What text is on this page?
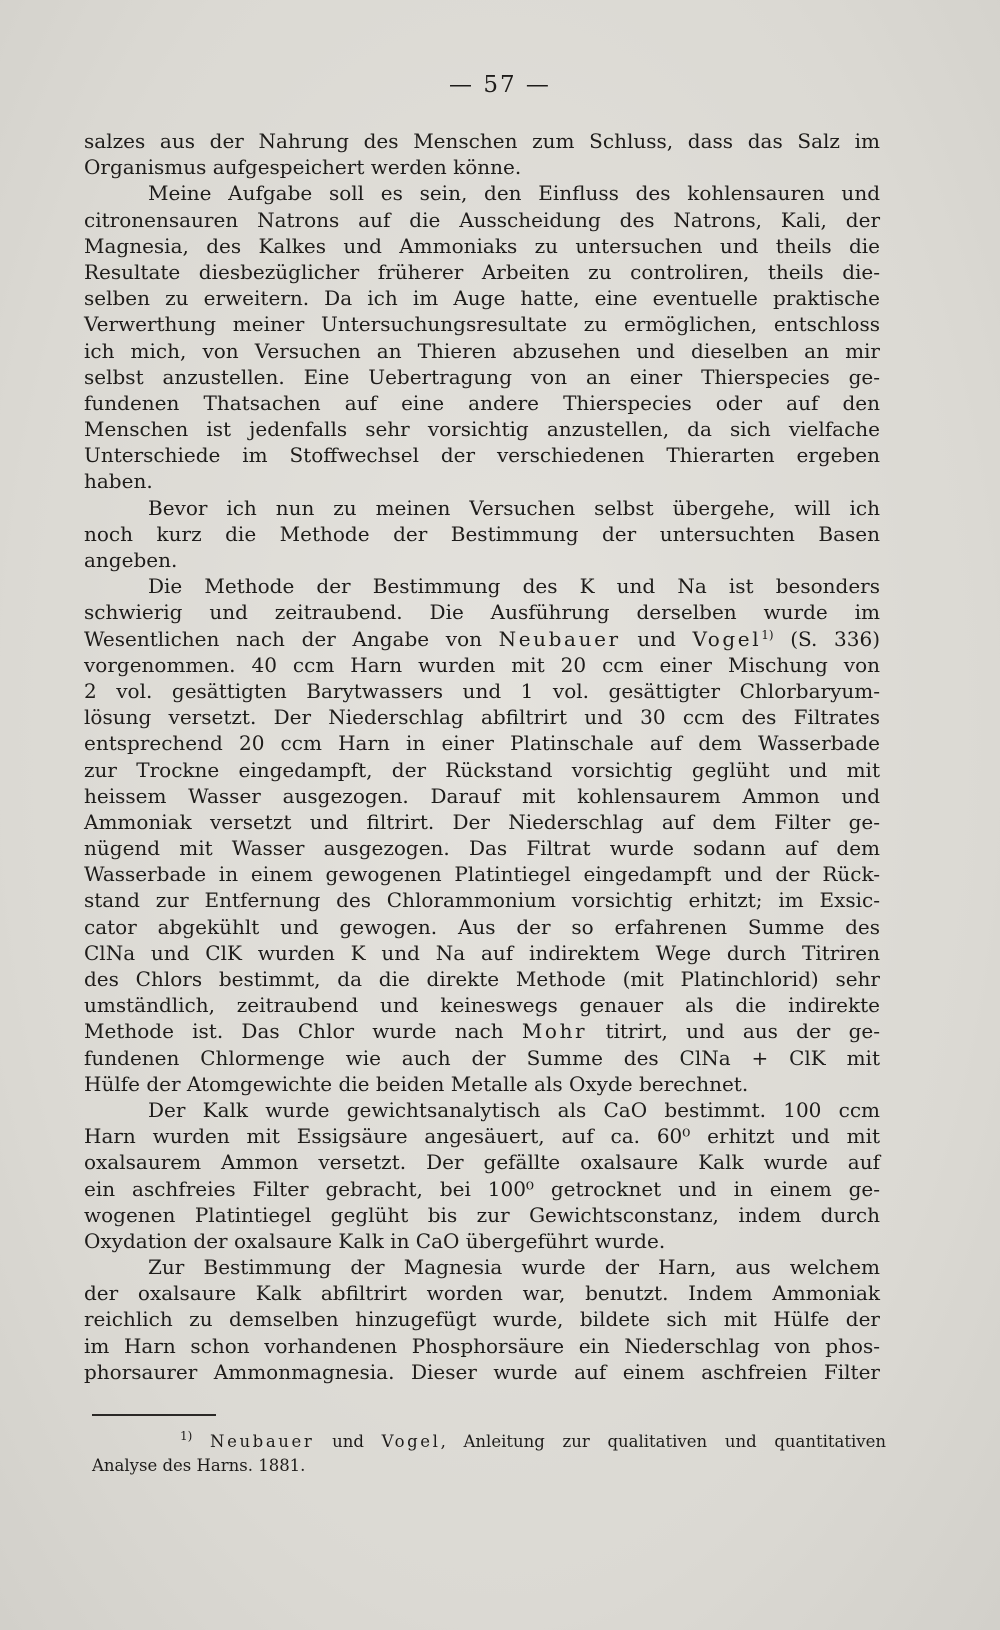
— 57 —
salzes aus der Nahrung des Menschen zum Schluss, dass das Salz im
Organismus aufgespeichert werden könne.
Meine Aufgabe soll es sein, den Einfluss des kohlensauren und
citronensauren Natrons auf die Ausscheidung des Natrons, Kali, der
Magnesia, des Kalkes und Ammoniaks zu untersuchen und theils die
Resultate diesbezüglicher früherer Arbeiten zu controliren, theils die-
selben zu erweitern. Da ich im Auge hatte, eine eventuelle praktische
Verwerthung meiner Untersuchungsresultate zu ermöglichen, entschloss
ich mich, von Versuchen an Thieren abzusehen und dieselben an mir
selbst anzustellen. Eine Uebertragung von an einer Thierspecies ge-
fundenen Thatsachen auf eine andere Thierspecies oder auf den
Menschen ist jedenfalls sehr vorsichtig anzustellen, da sich vielfache
Unterschiede im Stoffwechsel der verschiedenen Thierarten ergeben
haben.
Bevor ich nun zu meinen Versuchen selbst übergehe, will ich
noch kurz die Methode der Bestimmung der untersuchten Basen
angeben.
Die Methode der Bestimmung des K und Na ist besonders
schwierig und zeitraubend. Die Ausführung derselben wurde im
Wesentlichen nach der Angabe von Neubauer und Vogel$^{1)}$ (S. 336)
vorgenommen. 40 ccm Harn wurden mit 20 ccm einer Mischung von
2 vol. gesättigten Barytwassers und 1 vol. gesättigter Chlorbaryum-
lösung versetzt. Der Niederschlag abfiltrirt und 30 ccm des Filtrates
entsprechend 20 ccm Harn in einer Platinschale auf dem Wasserbade
zur Trockne eingedampft, der Rückstand vorsichtig geglüht und mit
heissem Wasser ausgezogen. Darauf mit kohlensaurem Ammon und
Ammoniak versetzt und filtrirt. Der Niederschlag auf dem Filter ge-
nügend mit Wasser ausgezogen. Das Filtrat wurde sodann auf dem
Wasserbade in einem gewogenen Platintiegel eingedampft und der Rück-
stand zur Entfernung des Chlorammonium vorsichtig erhitzt; im Exsic-
cator abgekühlt und gewogen. Aus der so erfahrenen Summe des
ClNa und ClK wurden K und Na auf indirektem Wege durch Titriren
des Chlors bestimmt, da die direkte Methode (mit Platinchlorid) sehr
umständlich, zeitraubend und keineswegs genauer als die indirekte
Methode ist. Das Chlor wurde nach Mohr titrirt, und aus der ge-
fundenen Chlormenge wie auch der Summe des ClNa + ClK mit
Hülfe der Atomgewichte die beiden Metalle als Oxyde berechnet.
Der Kalk wurde gewichtsanalytisch als CaO bestimmt. 100 ccm
Harn wurden mit Essigsäure angesäuert, auf ca. 60⁰ erhitzt und mit
oxalsaurem Ammon versetzt. Der gefällte oxalsaure Kalk wurde auf
ein aschfreies Filter gebracht, bei 100⁰ getrocknet und in einem ge-
wogenen Platintiegel geglüht bis zur Gewichtsconstanz, indem durch
Oxydation der oxalsaure Kalk in CaO übergeführt wurde.
Zur Bestimmung der Magnesia wurde der Harn, aus welchem
der oxalsaure Kalk abfiltrirt worden war, benutzt. Indem Ammoniak
reichlich zu demselben hinzugefügt wurde, bildete sich mit Hülfe der
im Harn schon vorhandenen Phosphorsäure ein Niederschlag von phos-
phorsaurer Ammonmagnesia. Dieser wurde auf einem aschfreien Filter
$^{1)}$ Neubauer und Vogel, Anleitung zur qualitativen und quantitativen
Analyse des Harns. 1881.
